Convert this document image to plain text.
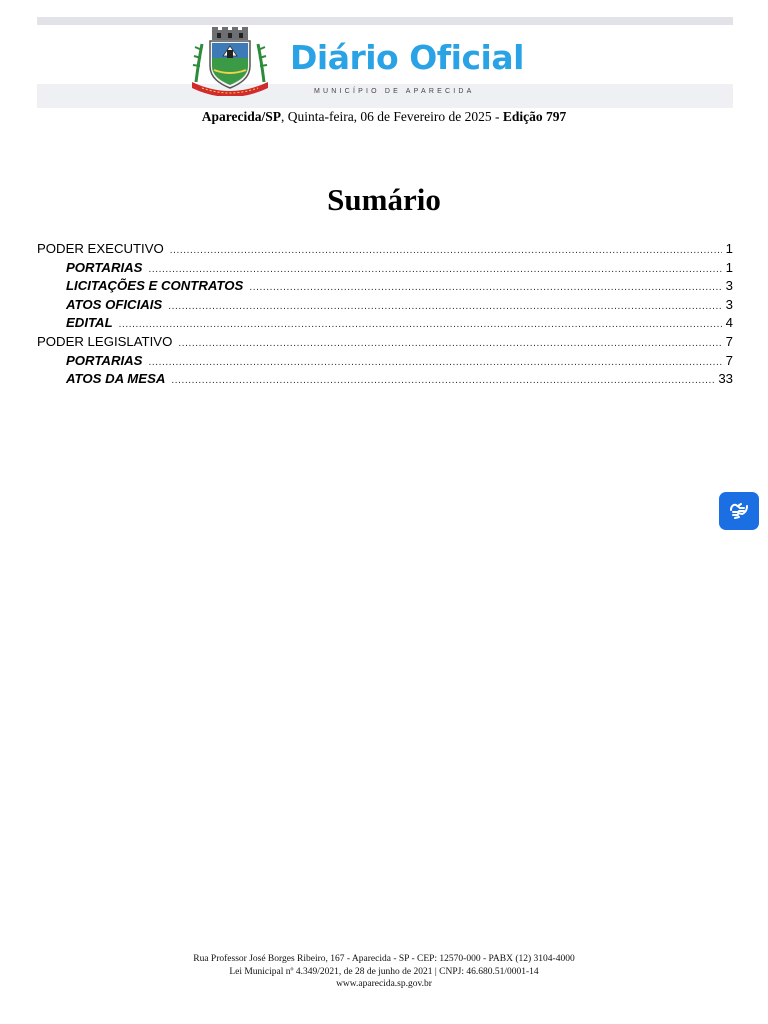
Diário Oficial
MUNICÍPIO DE APARECIDA
Aparecida/SP, Quinta-feira, 06 de Fevereiro de 2025 - Edição 797
Sumário
PODER EXECUTIVO .....	1
PORTARIAS .....	1
LICITAÇÕES E CONTRATOS .....	3
ATOS OFICIAIS .....	3
EDITAL .....	4
PODER LEGISLATIVO .....	7
PORTARIAS .....	7
ATOS DA MESA .....	33
Rua Professor José Borges Ribeiro, 167 - Aparecida - SP - CEP: 12570-000 - PABX (12) 3104-4000
Lei Municipal nº 4.349/2021, de 28 de junho de 2021 | CNPJ: 46.680.51/0001-14
www.aparecida.sp.gov.br
